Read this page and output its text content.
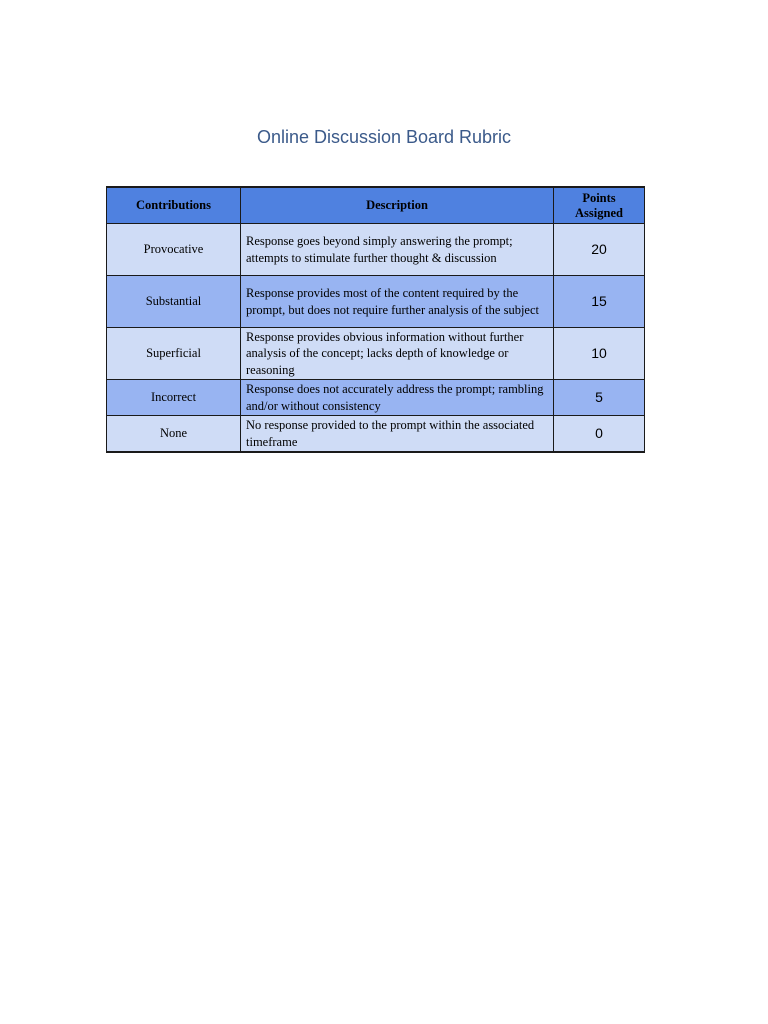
Online Discussion Board Rubric
Contributions	Description	Points Assigned
Provocative	Response goes beyond simply answering the prompt; attempts to stimulate further thought & discussion	20
Substantial	Response provides most of the content required by the prompt, but does not require further analysis of the subject	15
Superficial	Response provides obvious information without further analysis of the concept; lacks depth of knowledge or reasoning	10
Incorrect	Response does not accurately address the prompt; rambling and/or without consistency	5
None	No response provided to the prompt within the associated timeframe	0
